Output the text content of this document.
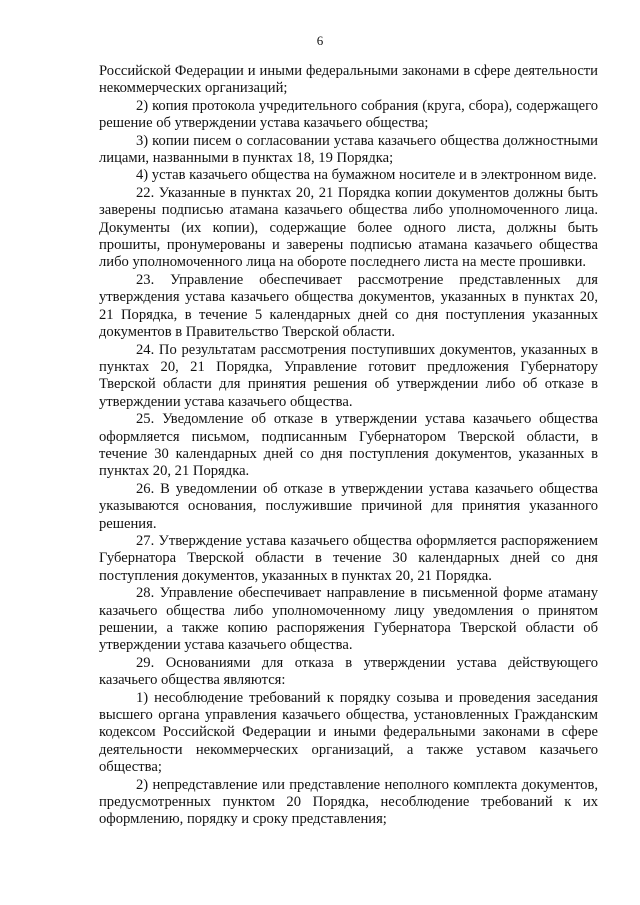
6

Российской Федерации и иными федеральными законами в сфере деятельности некоммерческих организаций;

2) копия протокола учредительного собрания (круга, сбора), содержащего решение об утверждении устава казачьего общества;

3) копии писем о согласовании устава казачьего общества должностными лицами, названными в пунктах 18, 19 Порядка;

4) устав казачьего общества на бумажном носителе и в электронном виде.

22. Указанные в пунктах 20, 21 Порядка копии документов должны быть заверены подписью атамана казачьего общества либо уполномоченного лица. Документы (их копии), содержащие более одного листа, должны быть прошиты, пронумерованы и заверены подписью атамана казачьего общества либо уполномоченного лица на обороте последнего листа на месте прошивки.

23. Управление обеспечивает рассмотрение представленных для утверждения устава казачьего общества документов, указанных в пунктах 20, 21 Порядка, в течение 5 календарных дней со дня поступления указанных документов в Правительство Тверской области.

24. По результатам рассмотрения поступивших документов, указанных в пунктах 20, 21 Порядка, Управление готовит предложения Губернатору Тверской области для принятия решения об утверждении либо об отказе в утверждении устава казачьего общества.

25. Уведомление об отказе в утверждении устава казачьего общества оформляется письмом, подписанным Губернатором Тверской области, в течение 30 календарных дней со дня поступления документов, указанных в пунктах 20, 21 Порядка.

26. В уведомлении об отказе в утверждении устава казачьего общества указываются основания, послужившие причиной для принятия указанного решения.

27. Утверждение устава казачьего общества оформляется распоряжением Губернатора Тверской области в течение 30 календарных дней со дня поступления документов, указанных в пунктах 20, 21 Порядка.

28. Управление обеспечивает направление в письменной форме атаману казачьего общества либо уполномоченному лицу уведомления о принятом решении, а также копию распоряжения Губернатора Тверской области об утверждении устава казачьего общества.

29. Основаниями для отказа в утверждении устава действующего казачьего общества являются:

1) несоблюдение требований к порядку созыва и проведения заседания высшего органа управления казачьего общества, установленных Гражданским кодексом Российской Федерации и иными федеральными законами в сфере деятельности некоммерческих организаций, а также уставом казачьего общества;

2) непредставление или представление неполного комплекта документов, предусмотренных пунктом 20 Порядка, несоблюдение требований к их оформлению, порядку и сроку представления;
